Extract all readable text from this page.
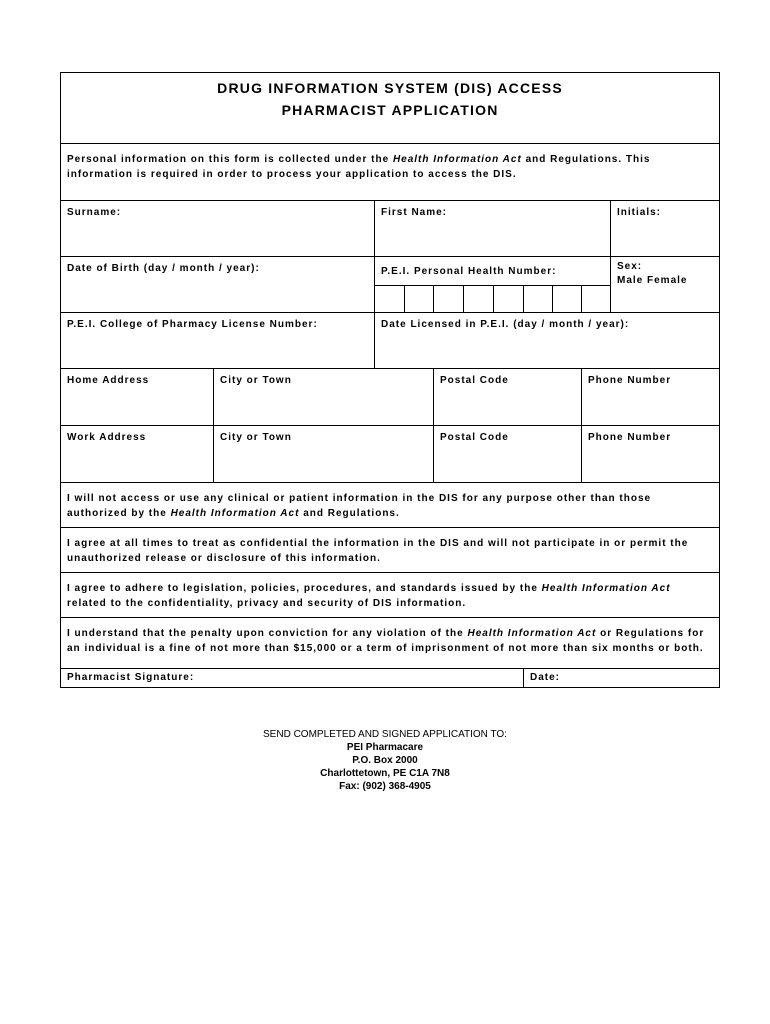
DRUG INFORMATION SYSTEM (DIS) ACCESS
PHARMACIST APPLICATION										

Personal information on this form is collected under the Health Information Act and Regulations. This information is required in order to process your application to access the DIS.										

Surname:		First Name:								Initials:

Date of Birth (day / month / year):		P.E.I. Personal Health Number:								Sex:
Male Female

P.E.I. College of Pharmacy License Number:		Date Licensed in P.E.I. (day / month / year):								

Home Address	City or Town			Postal Code					Phone Number	

Work Address	City or Town			Postal Code					Phone Number	

I will not access or use any clinical or patient information in the DIS for any purpose other than those authorized by the Health Information Act and Regulations.										

I agree at all times to treat as confidential the information in the DIS and will not participate in or permit the unauthorized release or disclosure of this information.										

I agree to adhere to legislation, policies, procedures, and standards issued by the Health Information Act related to the confidentiality, privacy and security of DIS information.										

I understand that the penalty upon conviction for any violation of the Health Information Act or Regulations for an individual is a fine of not more than $15,000 or a term of imprisonment of not more than six months or both.										

Pharmacist Signature:							Date:			
SEND COMPLETED AND SIGNED APPLICATION TO:
PEI Pharmacare
P.O. Box 2000
Charlottetown, PE C1A 7N8
Fax: (902) 368-4905
